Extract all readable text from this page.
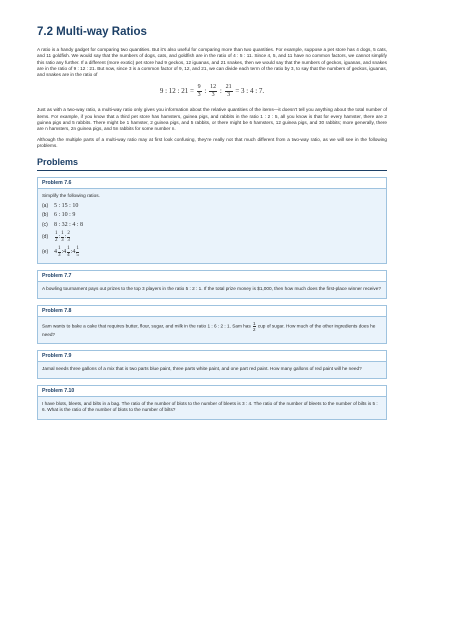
7.2 Multi-way Ratios

A ratio is a handy gadget for comparing two quantities. But it's also useful for comparing more than two quantities. For example, suppose a pet store has 4 dogs, 5 cats, and 11 goldfish. We would say that the numbers of dogs, cats, and goldfish are in the ratio of 4 : 5 : 11. Since 4, 5, and 11 have no common factors, we cannot simplify this ratio any further. If a different (more exotic) pet store had 9 geckos, 12 iguanas, and 21 snakes, then we would say that the numbers of geckos, iguanas, and snakes are in the ratio of 9 : 12 : 21. But now, since 3 is a common factor of 9, 12, and 21, we can divide each term of the ratio by 3, to say that the numbers of geckos, iguanas, and snakes are in the ratio of

9 : 12 : $21 = \frac{9}{3}$ : $\frac{12}{3}$ : $\frac{21}{3} = 3$ : 4 : 7.

Just as with a two-way ratio, a multi-way ratio only gives you information about the relative quantities of the items—it doesn't tell you anything about the total number of items. For example, if you know that a third pet store has hamsters, guinea pigs, and rabbits in the ratio 1 : 2 : 5, all you know is that for every hamster, there are 2 guinea pigs and 5 rabbits. There might be 1 hamster, 2 guinea pigs, and 5 rabbits, or there might be 6 hamsters, 12 guinea pigs, and 30 rabbits; more generally, there are n hamsters, 2n guinea pigs, and 5n rabbits for some number n.

Although the multiple parts of a multi-way ratio may at first look confusing, they're really not that much different from a two-way ratio, as we will see in the following problems.

Problems
Problem 7.6
Simplify the following ratios.
(a) 5 : 15 : 10
(b) 6 : 10 : 9
(c)	8 : 32 : 4 : 8
(d)
1
2
:
1
3
:
2
3
(e) 4
1
3
: 4
1
4
: 4
1
5
Problem 7.7
A bowling tournament pays out prizes to the top 3 players in the ratio 5 : 2 : 1. If the total prize money is $1,000, then how much does the first-place winner receive?
Problem 7.8
Sam wants to bake a cake that requires butter, flour, sugar, and milk in the ratio 1 : 6 : 2 : 1. Sam has $\frac{1}{2}$ cup of sugar. How much of the other ingredients does he need?
Problem 7.9
Jamal needs three gallons of a mix that is two parts blue paint, three parts white paint, and one part red paint. How many gallons of red paint will he need?
Problem 7.10
I have blots, bleets, and bilts in a bag. The ratio of the number of blots to the number of bleets is 3 : 4. The ratio of the number of bleets to the number of bilts is 5 : 6. What is the ratio of the number of blots to the number of bilts?
